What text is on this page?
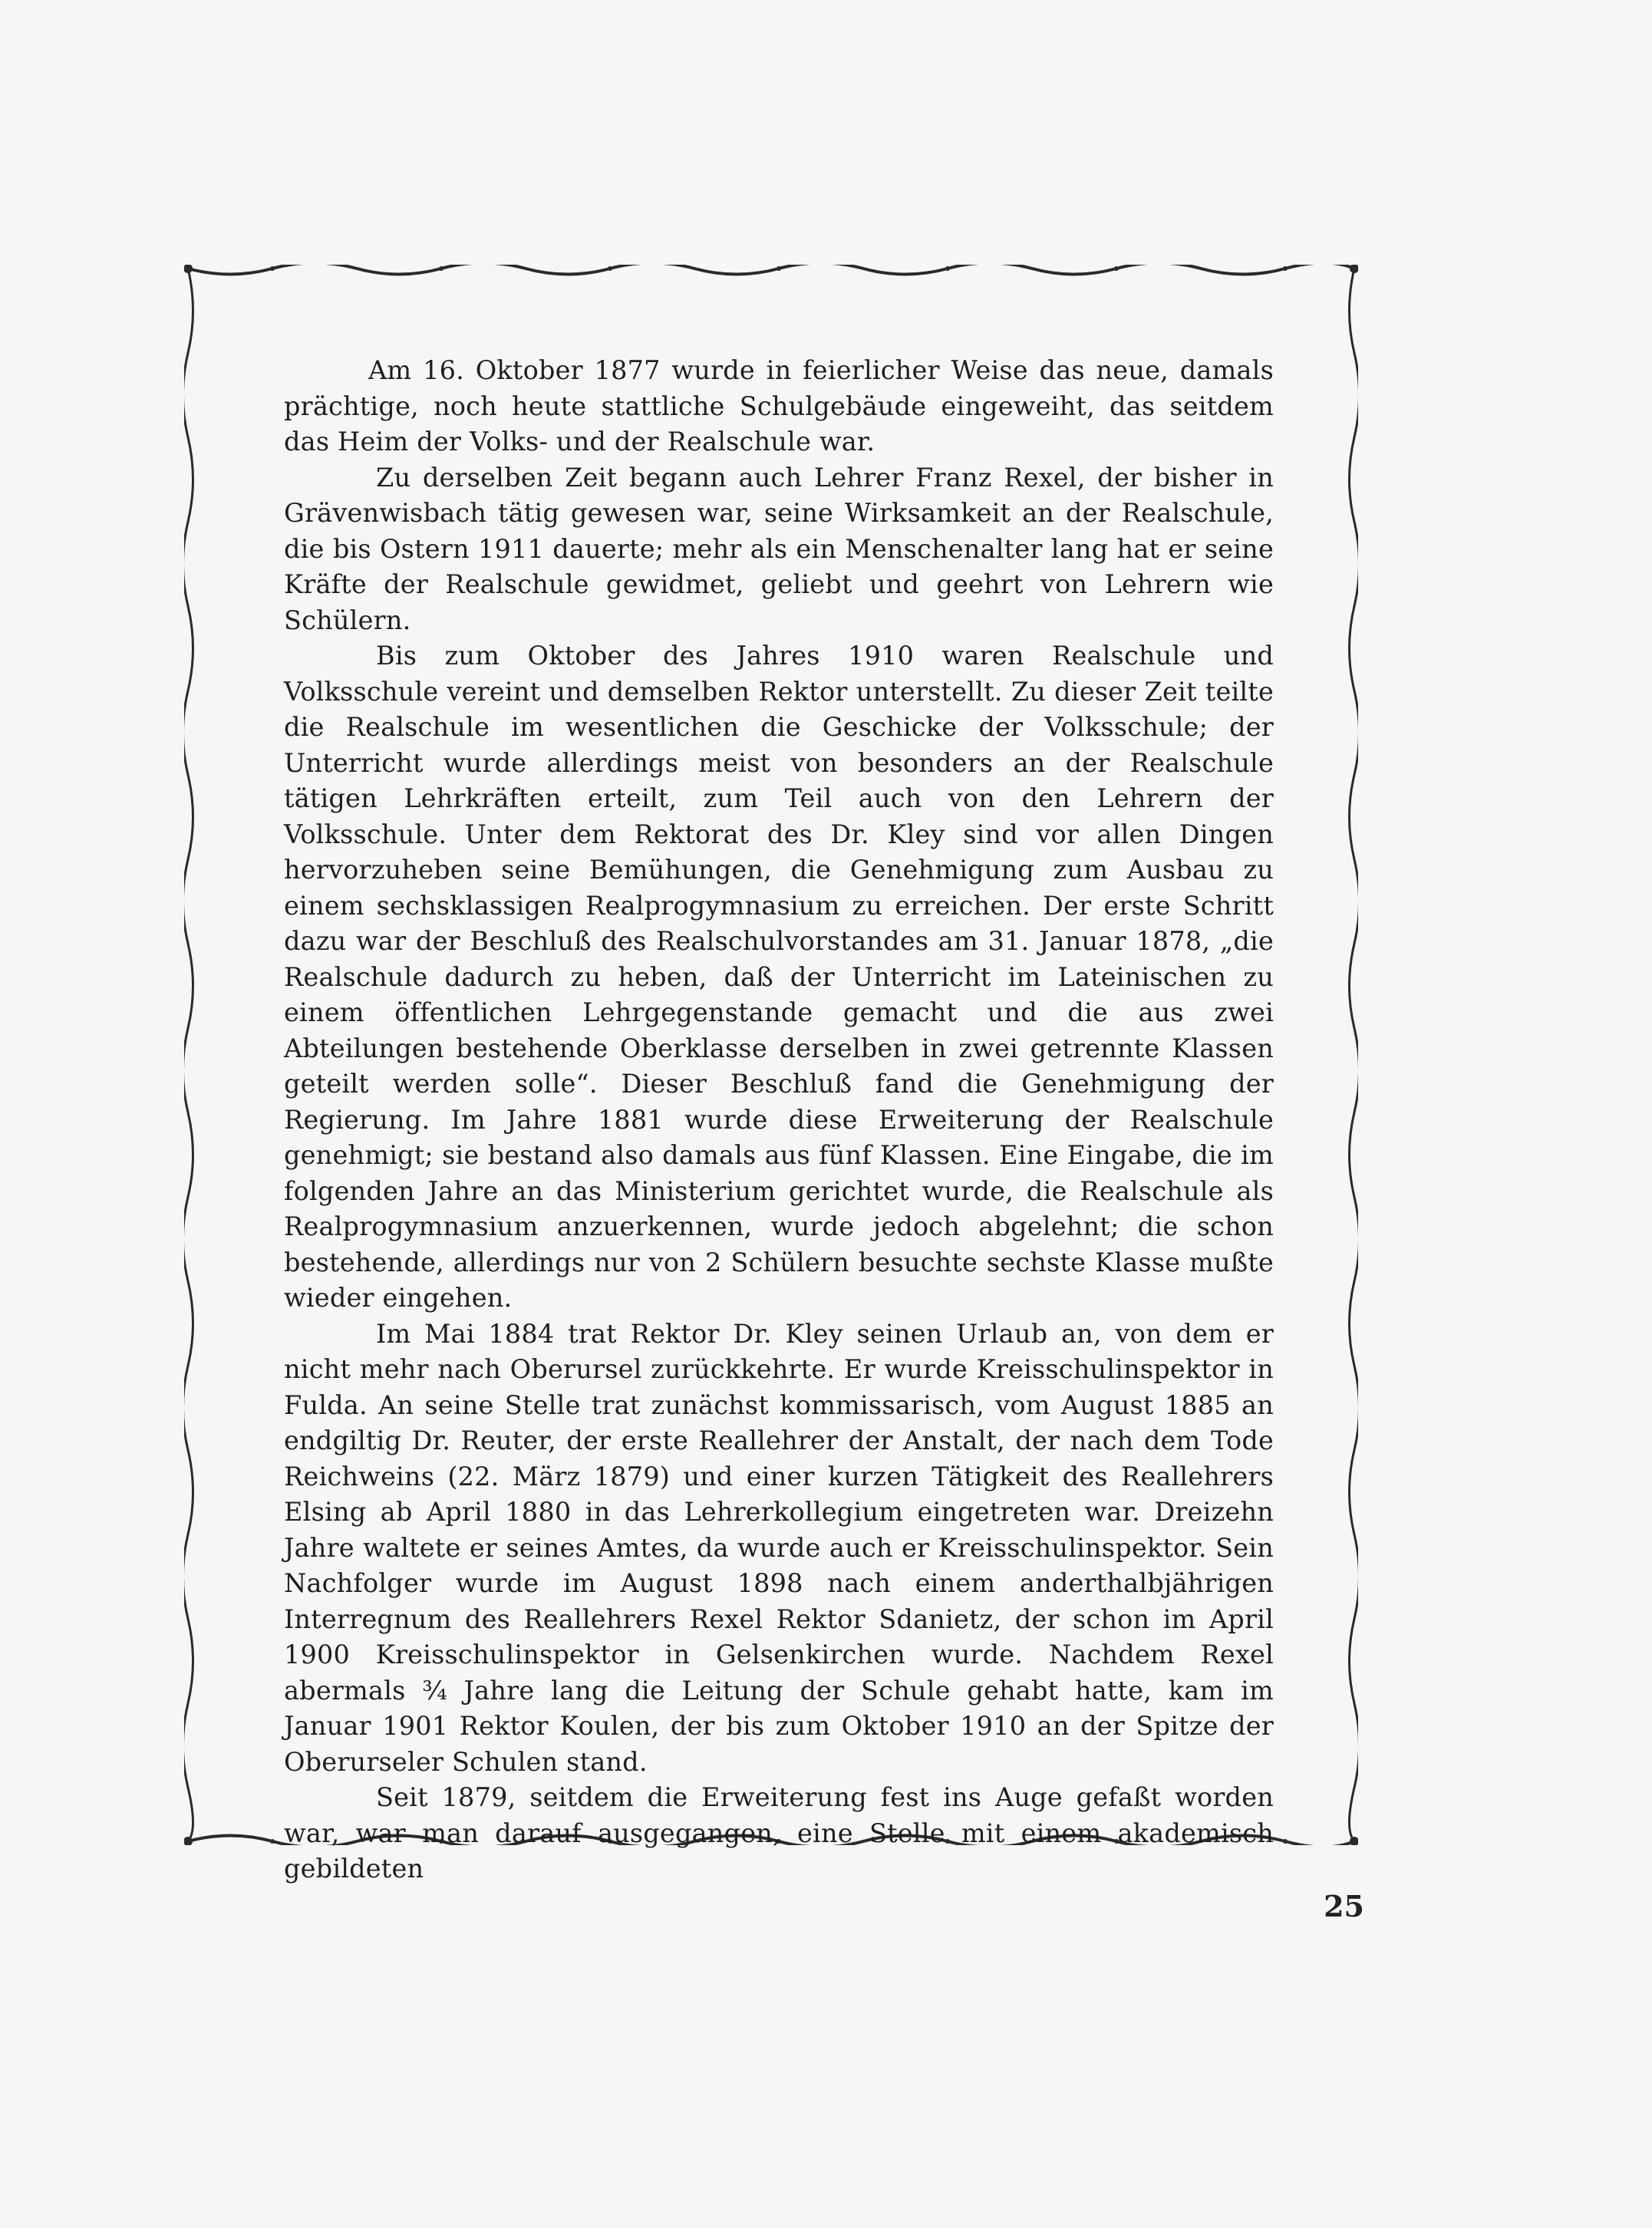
Am 16. Oktober 1877 wurde in feierlicher Weise das neue, damals prächtige, noch heute stattliche Schulgebäude eingeweiht, das seitdem das Heim der Volks- und der Realschule war.

Zu derselben Zeit begann auch Lehrer Franz Rexel, der bisher in Grävenwisbach tätig gewesen war, seine Wirksamkeit an der Realschule, die bis Ostern 1911 dauerte; mehr als ein Menschenalter lang hat er seine Kräfte der Realschule gewidmet, geliebt und geehrt von Lehrern wie Schülern.

Bis zum Oktober des Jahres 1910 waren Realschule und Volksschule vereint und demselben Rektor unterstellt. Zu dieser Zeit teilte die Realschule im wesentlichen die Geschicke der Volksschule; der Unterricht wurde allerdings meist von besonders an der Realschule tätigen Lehrkräften erteilt, zum Teil auch von den Lehrern der Volksschule. Unter dem Rektorat des Dr. Kley sind vor allen Dingen hervorzuheben seine Bemühungen, die Genehmigung zum Ausbau zu einem sechsklassigen Realprogymnasium zu erreichen. Der erste Schritt dazu war der Beschluß des Realschulvorstandes am 31. Januar 1878, „die Realschule dadurch zu heben, daß der Unterricht im Lateinischen zu einem öffentlichen Lehrgegenstande gemacht und die aus zwei Abteilungen bestehende Oberklasse derselben in zwei getrennte Klassen geteilt werden solle“. Dieser Beschluß fand die Genehmigung der Regierung. Im Jahre 1881 wurde diese Erweiterung der Realschule genehmigt; sie bestand also damals aus fünf Klassen. Eine Eingabe, die im folgenden Jahre an das Ministerium gerichtet wurde, die Realschule als Realprogymnasium anzuerkennen, wurde jedoch abgelehnt; die schon bestehende, allerdings nur von 2 Schülern besuchte sechste Klasse mußte wieder eingehen.

Im Mai 1884 trat Rektor Dr. Kley seinen Urlaub an, von dem er nicht mehr nach Oberursel zurückkehrte. Er wurde Kreisschulinspektor in Fulda. An seine Stelle trat zunächst kommissarisch, vom August 1885 an endgiltig Dr. Reuter, der erste Reallehrer der Anstalt, der nach dem Tode Reichweins (22. März 1879) und einer kurzen Tätigkeit des Reallehrers Elsing ab April 1880 in das Lehrerkollegium eingetreten war. Dreizehn Jahre waltete er seines Amtes, da wurde auch er Kreisschulinspektor. Sein Nachfolger wurde im August 1898 nach einem anderthalbjährigen Interregnum des Reallehrers Rexel Rektor Sdanietz, der schon im April 1900 Kreisschulinspektor in Gelsenkirchen wurde. Nachdem Rexel abermals ¾ Jahre lang die Leitung der Schule gehabt hatte, kam im Januar 1901 Rektor Koulen, der bis zum Oktober 1910 an der Spitze der Oberurseler Schulen stand.

Seit 1879, seitdem die Erweiterung fest ins Auge gefaßt worden war, war man darauf ausgegangen, eine Stelle mit einem akademisch gebildeten

25
